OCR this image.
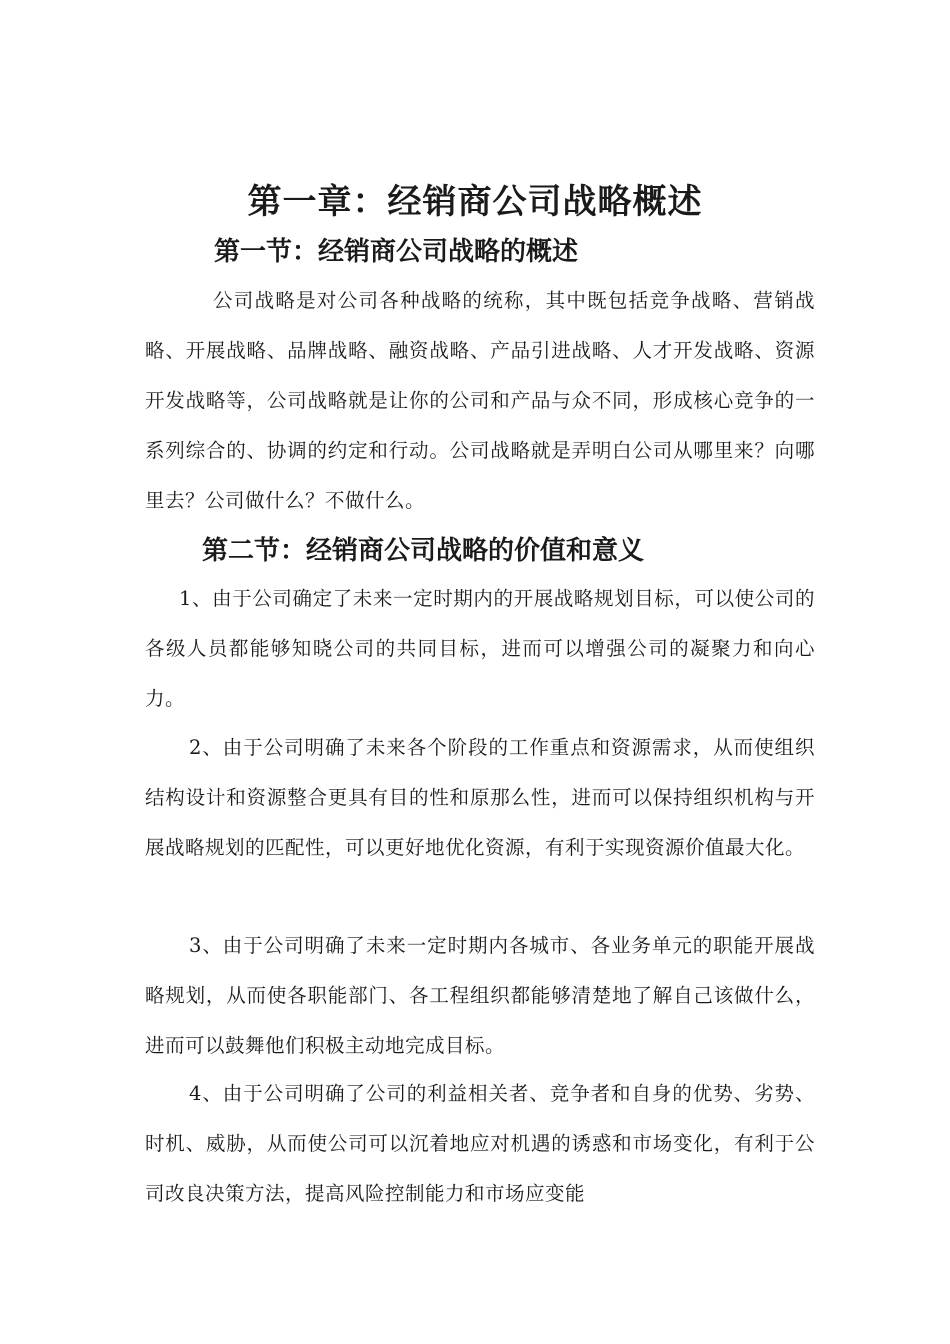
第一章：经销商公司战略概述
第一节：经销商公司战略的概述

公司战略是对公司各种战略的统称，其中既包括竞争战略、营销战略、开展战略、品牌战略、融资战略、产品引进战略、人才开发战略、资源开发战略等，公司战略就是让你的公司和产品与众不同，形成核心竞争的一系列综合的、协调的约定和行动。公司战略就是弄明白公司从哪里来？向哪里去？公司做什么？不做什么。

第二节：经销商公司战略的价值和意义

1、由于公司确定了未来一定时期内的开展战略规划目标，可以使公司的各级人员都能够知晓公司的共同目标，进而可以增强公司的凝聚力和向心力。

2、由于公司明确了未来各个阶段的工作重点和资源需求，从而使组织结构设计和资源整合更具有目的性和原那么性，进而可以保持组织机构与开展战略规划的匹配性，可以更好地优化资源，有利于实现资源价值最大化。

3、由于公司明确了未来一定时期内各城市、各业务单元的职能开展战略规划，从而使各职能部门、各工程组织都能够清楚地了解自己该做什么，进而可以鼓舞他们积极主动地完成目标。

4、由于公司明确了公司的利益相关者、竞争者和自身的优势、劣势、时机、威胁，从而使公司可以沉着地应对机遇的诱惑和市场变化，有利于公司改良决策方法，提高风险控制能力和市场应变能
